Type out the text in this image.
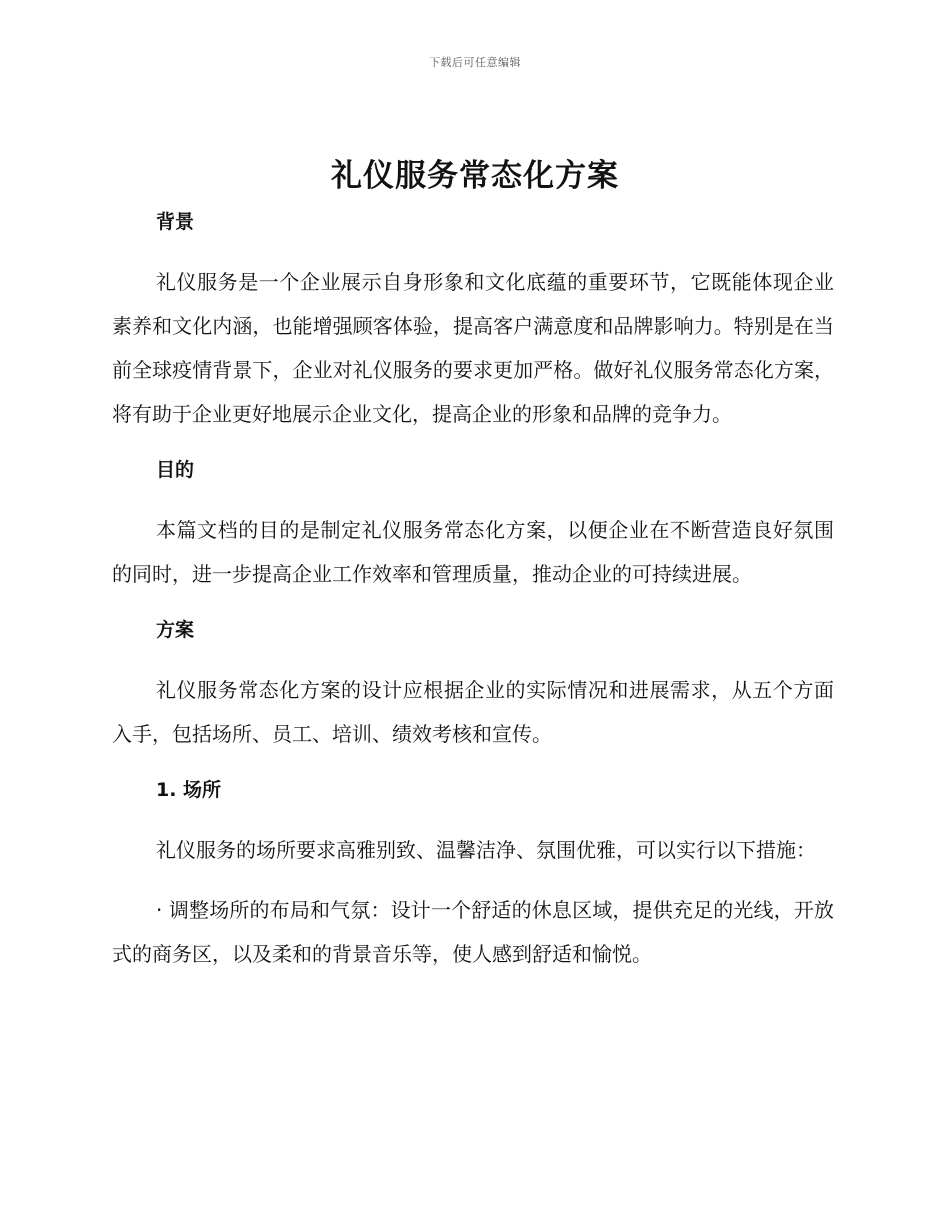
下载后可任意编辑
礼仪服务常态化方案
背景

礼仪服务是一个企业展示自身形象和文化底蕴的重要环节，它既能体现企业素养和文化内涵，也能增强顾客体验，提高客户满意度和品牌影响力。特别是在当前全球疫情背景下，企业对礼仪服务的要求更加严格。做好礼仪服务常态化方案，将有助于企业更好地展示企业文化，提高企业的形象和品牌的竞争力。

目的

本篇文档的目的是制定礼仪服务常态化方案，以便企业在不断营造良好氛围的同时，进一步提高企业工作效率和管理质量，推动企业的可持续进展。

方案

礼仪服务常态化方案的设计应根据企业的实际情况和进展需求，从五个方面入手，包括场所、员工、培训、绩效考核和宣传。

1. 场所

礼仪服务的场所要求高雅别致、温馨洁净、氛围优雅，可以实行以下措施：

· 调整场所的布局和气氛：设计一个舒适的休息区域，提供充足的光线，开放式的商务区，以及柔和的背景音乐等，使人感到舒适和愉悦。
